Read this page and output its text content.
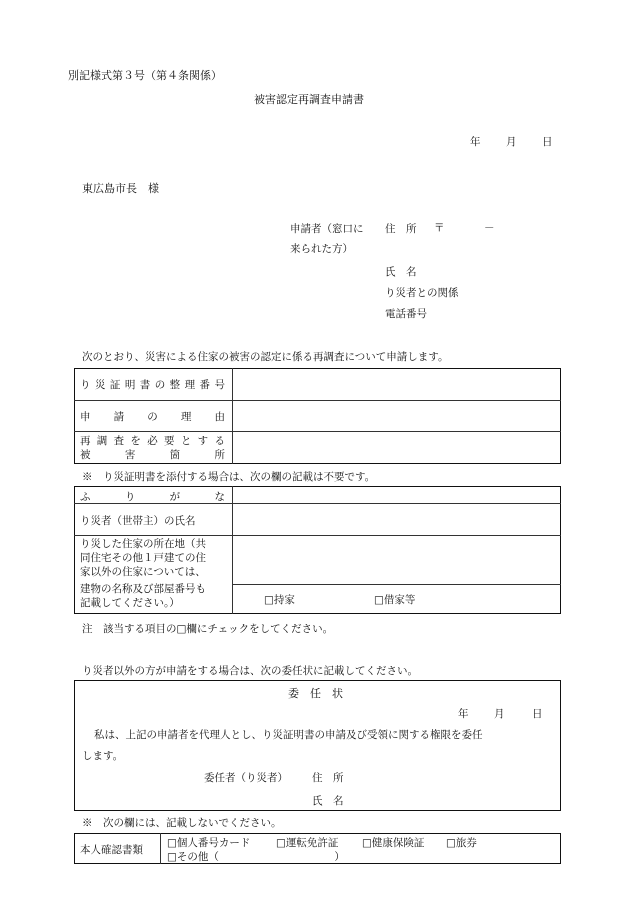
別記様式第３号（第４条関係）
被害認定再調査申請書
年 月 日
東広島市長　様
申請者（窓口に
来られた方）
住　所 〒	－
氏　名
り災者との関係
電話番号
次のとおり、災害による住家の被害の認定に係る再調査について申請します。
り災証明書の整理番号
申請の理由
再調査を必要とする
被害箇所
※　り災証明書を添付する場合は、次の欄の記載は不要です。
ふりがな
り災者（世帯主）の氏名
り災した住家の所在地（共
同住宅その他１戸建ての住
家以外の住家については、
建物の名称及び部屋番号も
記載してください。）	□持家	□借家等
注　該当する項目の□欄にチェックをしてください。
り災者以外の方が申請をする場合は、次の委任状に記載してください。
委　任　状
年 月	日
私は、上記の申請者を代理人とし、り災証明書の申請及び受領に関する権限を委任
します。
委任者（り災者） 住　所
氏　名
※　次の欄には、記載しないでください。
本人確認書類
□個人番号カード □運転免許証 □健康保険証 □旅券
□その他（　　　　　　　　　　　）
